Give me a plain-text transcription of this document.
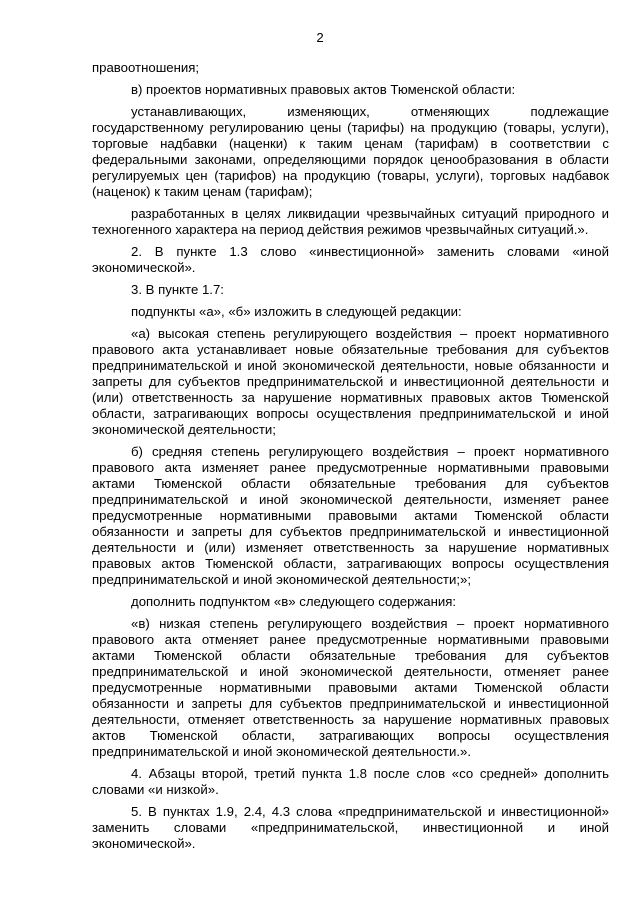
2

правоотношения;

в) проектов нормативных правовых актов Тюменской области:

устанавливающих, изменяющих, отменяющих подлежащие государственному регулированию цены (тарифы) на продукцию (товары, услуги), торговые надбавки (наценки) к таким ценам (тарифам) в соответствии с федеральными законами, определяющими порядок ценообразования в области регулируемых цен (тарифов) на продукцию (товары, услуги), торговых надбавок (наценок) к таким ценам (тарифам);

разработанных в целях ликвидации чрезвычайных ситуаций природного и техногенного характера на период действия режимов чрезвычайных ситуаций.».

2. В пункте 1.3 слово «инвестиционной» заменить словами «иной экономической».

3. В пункте 1.7:

подпункты «а», «б» изложить в следующей редакции:

«а) высокая степень регулирующего воздействия – проект нормативного правового акта устанавливает новые обязательные требования для субъектов предпринимательской и иной экономической деятельности, новые обязанности и запреты для субъектов предпринимательской и инвестиционной деятельности и (или) ответственность за нарушение нормативных правовых актов Тюменской области, затрагивающих вопросы осуществления предпринимательской и иной экономической деятельности;

б) средняя степень регулирующего воздействия – проект нормативного правового акта изменяет ранее предусмотренные нормативными правовыми актами Тюменской области обязательные требования для субъектов предпринимательской и иной экономической деятельности, изменяет ранее предусмотренные нормативными правовыми актами Тюменской области обязанности и запреты для субъектов предпринимательской и инвестиционной деятельности и (или) изменяет ответственность за нарушение нормативных правовых актов Тюменской области, затрагивающих вопросы осуществления предпринимательской и иной экономической деятельности;»;

дополнить подпунктом «в» следующего содержания:

«в) низкая степень регулирующего воздействия – проект нормативного правового акта отменяет ранее предусмотренные нормативными правовыми актами Тюменской области обязательные требования для субъектов предпринимательской и иной экономической деятельности, отменяет ранее предусмотренные нормативными правовыми актами Тюменской области обязанности и запреты для субъектов предпринимательской и инвестиционной деятельности, отменяет ответственность за нарушение нормативных правовых актов Тюменской области, затрагивающих вопросы осуществления предпринимательской и иной экономической деятельности.».

4. Абзацы второй, третий пункта 1.8 после слов «со средней» дополнить словами «и низкой».

5. В пунктах 1.9, 2.4, 4.3 слова «предпринимательской и инвестиционной» заменить словами «предпринимательской, инвестиционной и иной экономической».
